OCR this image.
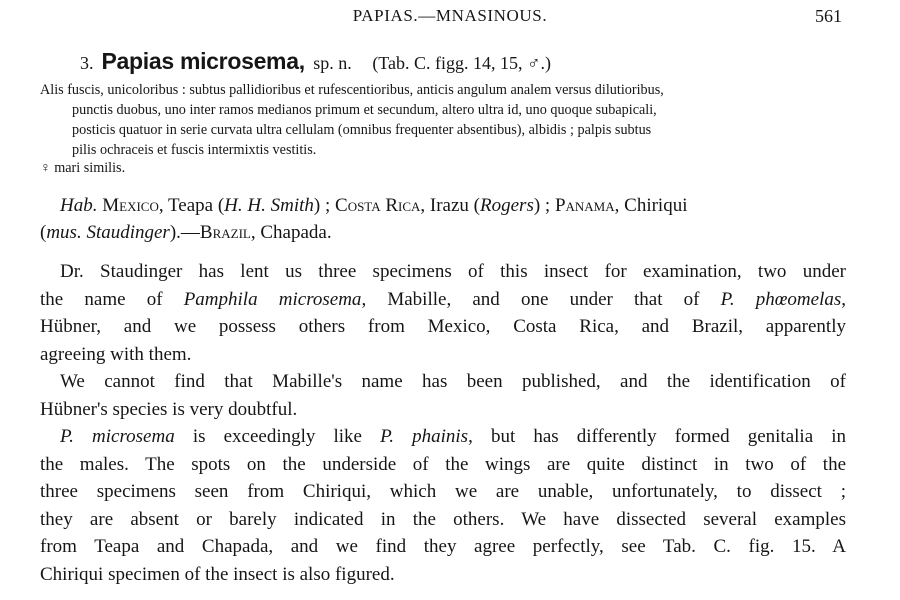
PAPIAS.—MNASINOUS.	561
3. Papias microsema, sp. n. (Tab. C. figg. 14, 15, ♂.)
Alis fuscis, unicoloribus : subtus pallidioribus et rufescentioribus, anticis angulum analem versus dilutioribus,
punctis duobus, uno inter ramos medianos primum et secundum, altero ultra id, uno quoque subapicali,
posticis quatuor in serie curvata ultra cellulam (omnibus frequenter absentibus), albidis ; palpis subtus
pilis ochraceis et fuscis intermixtis vestitis.
♀ mari similis.
Hab. Mexico, Teapa (H. H. Smith) ; Costa Rica, Irazu (Rogers) ; Panama, Chiriqui
(mus. Staudinger).—Brazil, Chapada.
Dr. Staudinger has lent us three specimens of this insect for examination, two under
the name of Pamphila microsema, Mabille, and one under that of P. phœomelas,
Hübner, and we possess others from Mexico, Costa Rica, and Brazil, apparently
agreeing with them.
We cannot find that Mabille's name has been published, and the identification of
Hübner's species is very doubtful.
P. microsema is exceedingly like P. phainis, but has differently formed genitalia in
the males. The spots on the underside of the wings are quite distinct in two of the
three specimens seen from Chiriqui, which we are unable, unfortunately, to dissect ;
they are absent or barely indicated in the others. We have dissected several examples
from Teapa and Chapada, and we find they agree perfectly, see Tab. C. fig. 15. A
Chiriqui specimen of the insect is also figured.
